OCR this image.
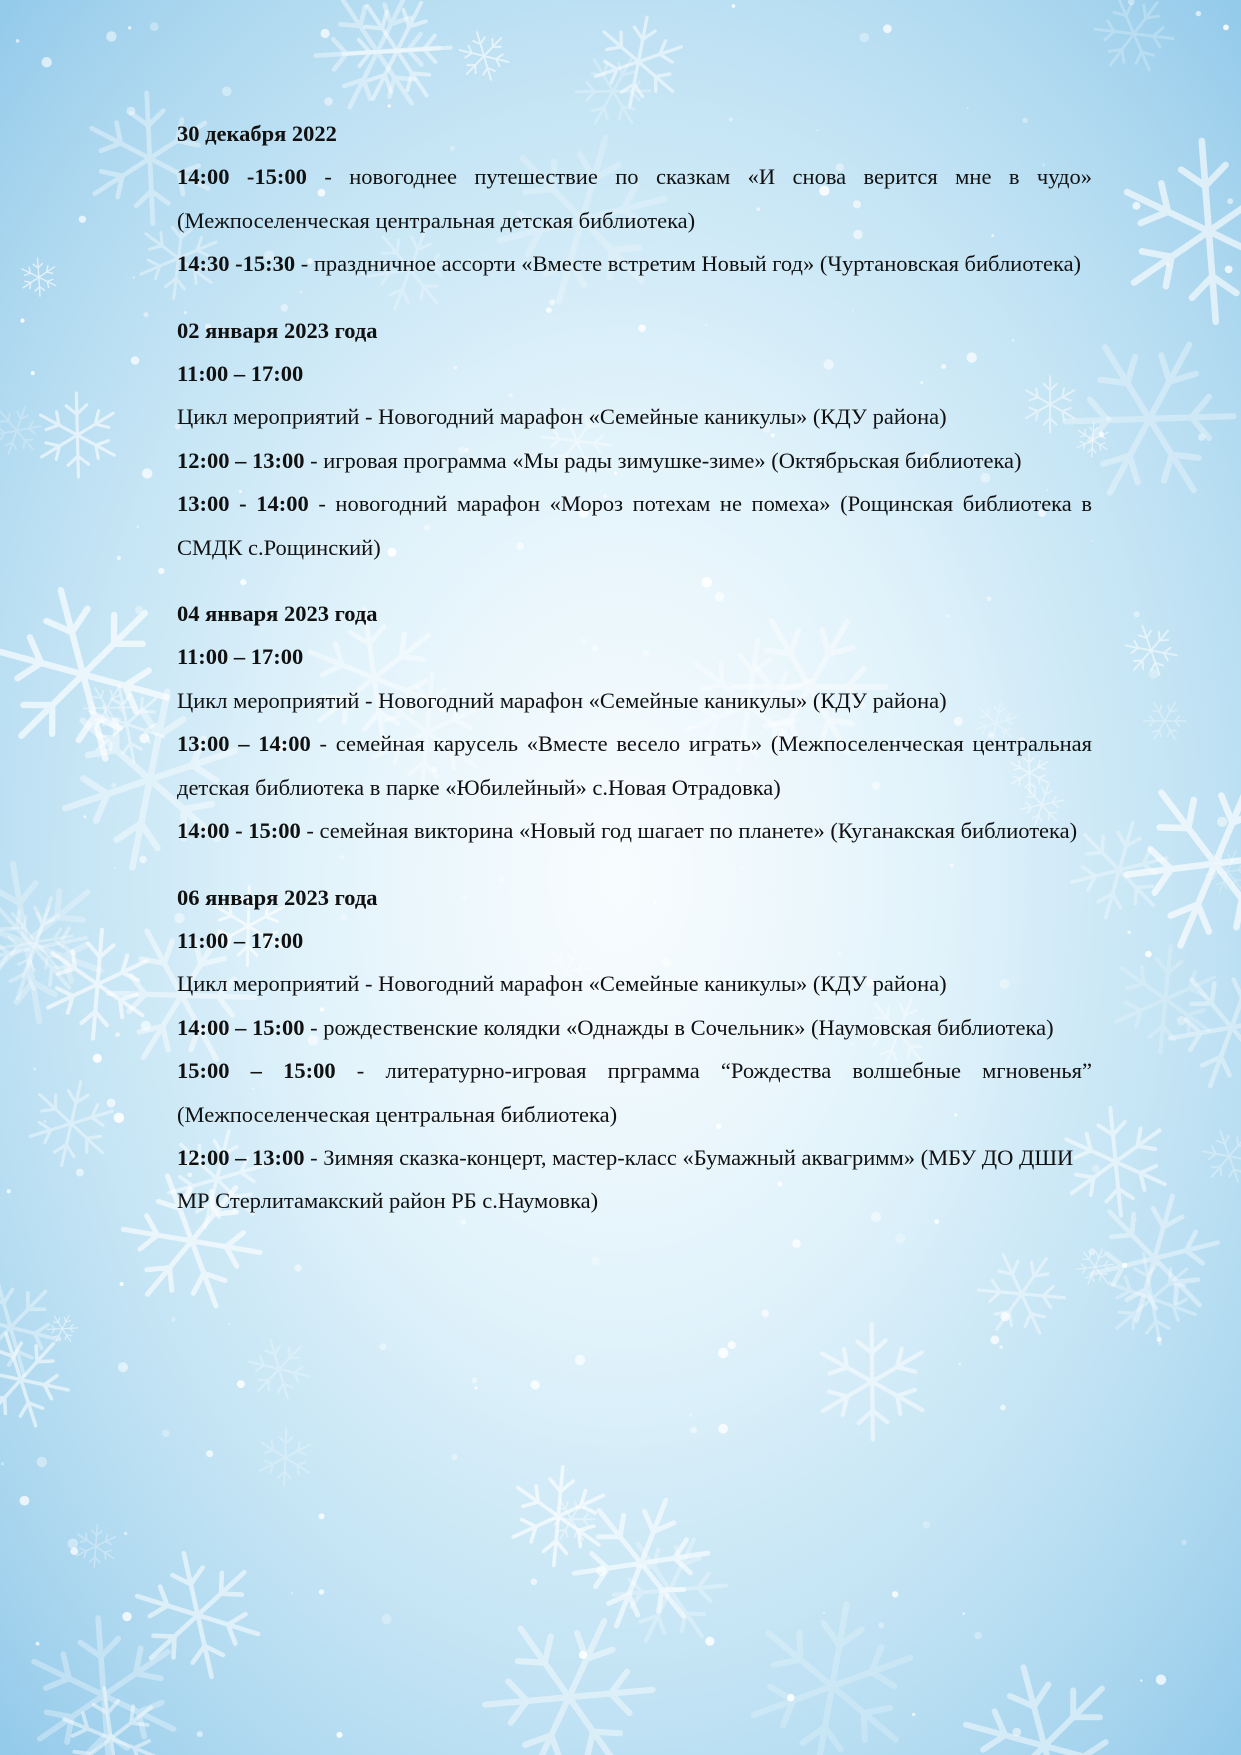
30 декабря 2022

14:00 -15:00 - новогоднее путешествие по сказкам «И снова верится мне в чудо» (Межпоселенческая центральная детская библиотека)

14:30 -15:30 - праздничное ассорти «Вместе встретим Новый год» (Чуртановская библиотека)

02 января 2023 года

11:00 – 17:00

Цикл мероприятий - Новогодний марафон «Семейные каникулы» (КДУ района)

12:00 – 13:00 - игровая программа «Мы рады зимушке-зиме» (Октябрьская библиотека)

13:00 - 14:00 - новогодний марафон «Мороз потехам не помеха» (Рощинская библиотека в СМДК с.Рощинский)

04 января 2023 года

11:00 – 17:00

Цикл мероприятий - Новогодний марафон «Семейные каникулы» (КДУ района)

13:00 – 14:00 - семейная карусель «Вместе весело играть» (Межпоселенческая центральная детская библиотека в парке «Юбилейный» с.Новая Отрадовка)

14:00 - 15:00 - семейная викторина «Новый год шагает по планете» (Куганакская библиотека)

06 января 2023 года

11:00 – 17:00

Цикл мероприятий - Новогодний марафон «Семейные каникулы» (КДУ района)

14:00 – 15:00 - рождественские колядки «Однажды в Сочельник» (Наумовская библиотека)

15:00 – 15:00 - литературно-игровая прграмма “Рождества волшебные мгновенья” (Межпоселенческая центральная библиотека)

12:00 – 13:00 - Зимняя сказка-концерт, мастер-класс «Бумажный аквагримм» (МБУ ДО ДШИ МР Стерлитамакский район РБ с.Наумовка)
